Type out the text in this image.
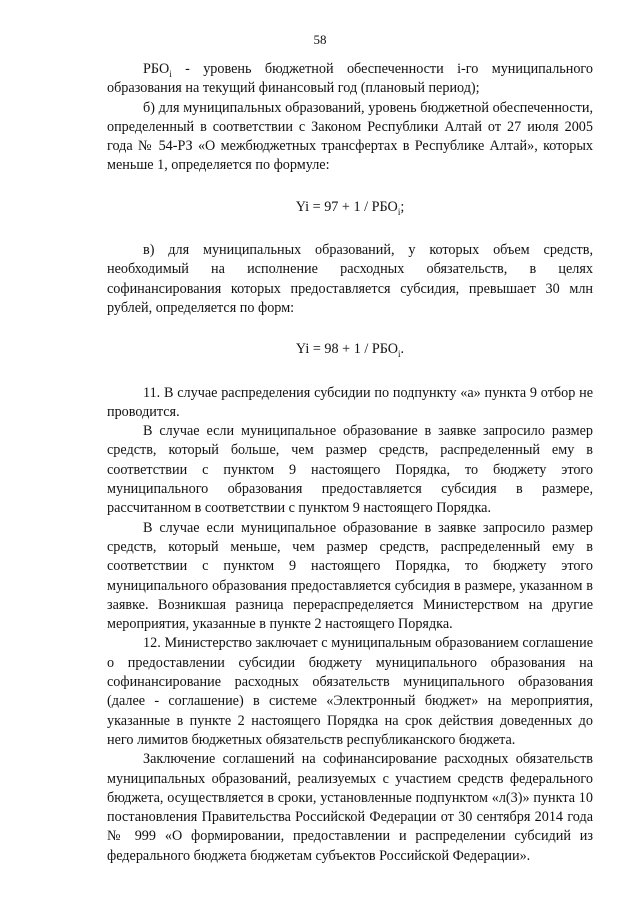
58

$РБО_i$ - уровень бюджетной обеспеченности i-го муниципального образования на текущий финансовый год (плановый период);

б) для муниципальных образований, уровень бюджетной обеспеченности, определенный в соответствии с Законом Республики Алтай от 27 июля 2005 года № 54-РЗ «О межбюджетных трансфертах в Республике Алтай», которых меньше 1, определяется по формуле:

$Yi = 97 + 1 / РБО_i$;

в) для муниципальных образований, у которых объем средств, необходимый на исполнение расходных обязательств, в целях софинансирования которых предоставляется субсидия, превышает 30 млн рублей, определяется по форм:

$Yi = 98 + 1 / РБО_i$.

11. В случае распределения субсидии по подпункту «а» пункта 9 отбор не проводится.

В случае если муниципальное образование в заявке запросило размер средств, который больше, чем размер средств, распределенный ему в соответствии с пунктом 9 настоящего Порядка, то бюджету этого муниципального образования предоставляется субсидия в размере, рассчитанном в соответствии с пунктом 9 настоящего Порядка.

В случае если муниципальное образование в заявке запросило размер средств, который меньше, чем размер средств, распределенный ему в соответствии с пунктом 9 настоящего Порядка, то бюджету этого муниципального образования предоставляется субсидия в размере, указанном в заявке. Возникшая разница перераспределяется Министерством на другие мероприятия, указанные в пункте 2 настоящего Порядка.

12. Министерство заключает с муниципальным образованием соглашение о предоставлении субсидии бюджету муниципального образования на софинансирование расходных обязательств муниципального образования (далее - соглашение) в системе «Электронный бюджет» на мероприятия, указанные в пункте 2 настоящего Порядка на срок действия доведенных до него лимитов бюджетных обязательств республиканского бюджета.

Заключение соглашений на софинансирование расходных обязательств муниципальных образований, реализуемых с участием средств федерального бюджета, осуществляется в сроки, установленные подпунктом «л(3)» пункта 10 постановления Правительства Российской Федерации от 30 сентября 2014 года № 999 «О формировании, предоставлении и распределении субсидий из федерального бюджета бюджетам субъектов Российской Федерации».
